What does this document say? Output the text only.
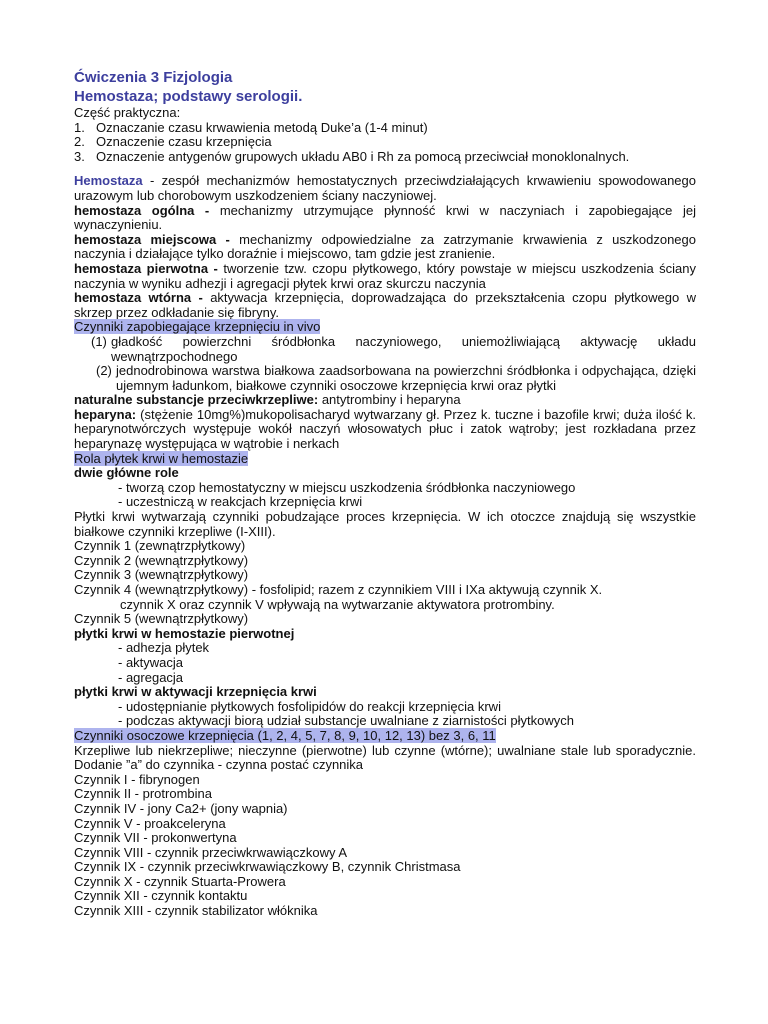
Ćwiczenia 3 Fizjologia
Hemostaza; podstawy serologii.
Część praktyczna:
1. Oznaczanie czasu krwawienia metodą Duke’a (1-4 minut)
2. Oznaczenie czasu krzepnięcia
3. Oznaczenie antygenów grupowych układu AB0 i Rh za pomocą przeciwciał monoklonalnych.
Hemostaza - zespół mechanizmów hemostatycznych przeciwdziałających krwawieniu spowodowanego urazowym lub chorobowym uszkodzeniem ściany naczyniowej.
hemostaza ogólna - mechanizmy utrzymujące płynność krwi w naczyniach i zapobiegające jej wynaczynieniu.
hemostaza miejscowa - mechanizmy odpowiedzialne za zatrzymanie krwawienia z uszkodzonego naczynia i działające tylko doraźnie i miejscowo, tam gdzie jest zranienie.
hemostaza pierwotna - tworzenie tzw. czopu płytkowego, który powstaje w miejscu uszkodzenia ściany naczynia w wyniku adhezji i agregacji płytek krwi oraz skurczu naczynia
hemostaza wtórna - aktywacja krzepnięcia, doprowadzająca do przekształcenia czopu płytkowego w skrzep przez odkładanie się fibryny.
Czynniki zapobiegające krzepnięciu in vivo
(1) gładkość powierzchni śródbłonka naczyniowego, uniemożliwiającą aktywację układu wewnątrzpochodnego
(2) jednodrobinowa warstwa białkowa zaadsorbowana na powierzchni śródbłonka i odpychająca, dzięki ujemnym ładunkom, białkowe czynniki osoczowe krzepnięcia krwi oraz płytki
naturalne substancje przeciwkrzepliwe: antytrombiny i heparyna
heparyna: (stężenie 10mg%)mukopolisacharyd wytwarzany gł. Przez k. tuczne i bazofile krwi; duża ilość k. heparynotwórczych występuje wokół naczyń włosowatych płuc i zatok wątroby; jest rozkładana przez heparynazę występująca w wątrobie i nerkach
Rola płytek krwi w hemostazie
dwie główne role
- tworzą czop hemostatyczny w miejscu uszkodzenia śródbłonka naczyniowego
- uczestniczą w reakcjach krzepnięcia krwi
Płytki krwi wytwarzają czynniki pobudzające proces krzepnięcia. W ich otoczce znajdują się wszystkie białkowe czynniki krzepliwe (I-XIII).
Czynnik 1 (zewnątrzpłytkowy)
Czynnik 2 (wewnątrzpłytkowy)
Czynnik 3 (wewnątrzpłytkowy)
Czynnik 4 (wewnątrzpłytkowy) - fosfolipid; razem z czynnikiem VIII i IXa aktywują czynnik X.
czynnik X oraz czynnik V wpływają na wytwarzanie aktywatora protrombiny.
Czynnik 5 (wewnątrzpłytkowy)
płytki krwi w hemostazie pierwotnej
- adhezja płytek
- aktywacja
- agregacja
płytki krwi w aktywacji krzepnięcia krwi
- udostępnianie płytkowych fosfolipidów do reakcji krzepnięcia krwi
- podczas aktywacji biorą udział substancje uwalniane z ziarnistości płytkowych
Czynniki osoczowe krzepnięcia (1, 2, 4, 5, 7, 8, 9, 10, 12, 13) bez 3, 6, 11
Krzepliwe lub niekrzepliwe; nieczynne (pierwotne) lub czynne (wtórne); uwalniane stale lub sporadycznie. Dodanie ”a” do czynnika - czynna postać czynnika
Czynnik I - fibrynogen
Czynnik II - protrombina
Czynnik IV - jony Ca2+ (jony wapnia)
Czynnik V - proakceleryna
Czynnik VII - prokonwertyna
Czynnik VIII - czynnik przeciwkrwawiączkowy A
Czynnik IX - czynnik przeciwkrwawiączkowy B, czynnik Christmasa
Czynnik X - czynnik Stuarta-Prowera
Czynnik XII - czynnik kontaktu
Czynnik XIII - czynnik stabilizator włóknika
